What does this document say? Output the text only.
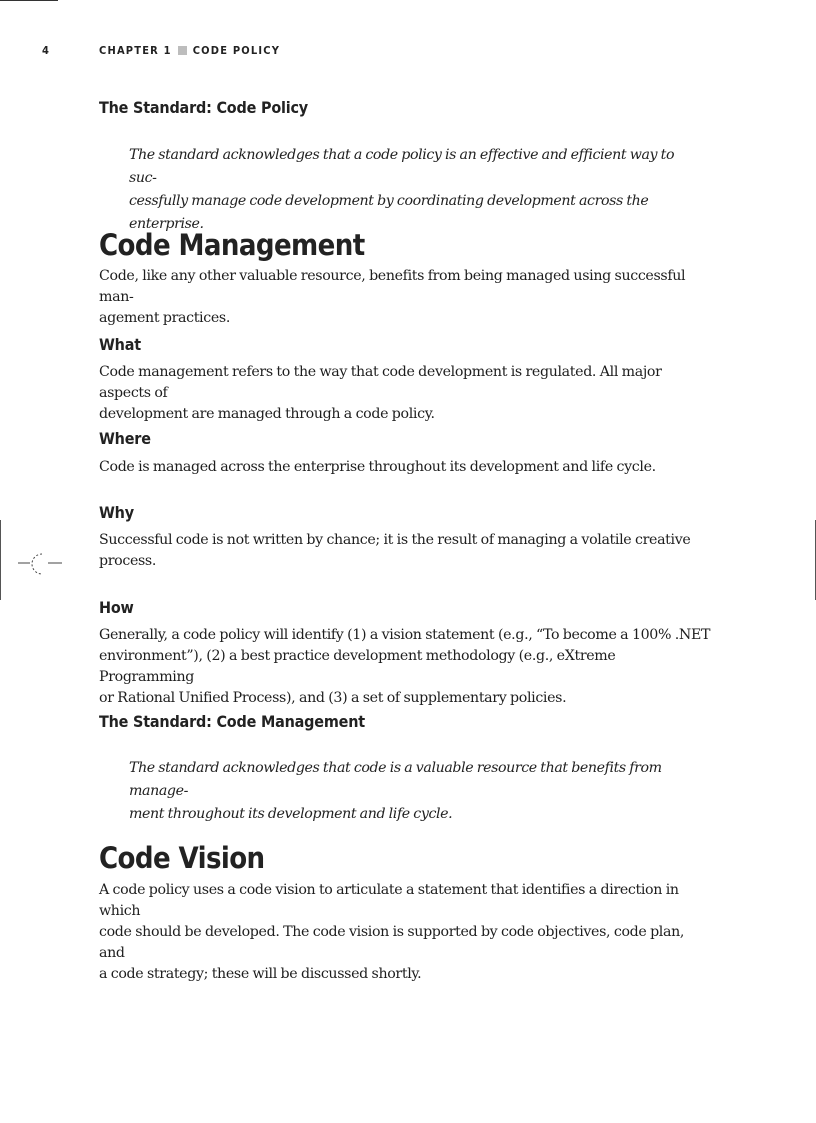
4	CHAPTER 1 CODE POLICY
The Standard: Code Policy
The standard acknowledges that a code policy is an effective and efficient way to suc-
cessfully manage code development by coordinating development across the enterprise.
Code Management
Code, like any other valuable resource, benefits from being managed using successful man-
agement practices.
What
Code management refers to the way that code development is regulated. All major aspects of
development are managed through a code policy.
Where
Code is managed across the enterprise throughout its development and life cycle.
Why
Successful code is not written by chance; it is the result of managing a volatile creative
process.
How
Generally, a code policy will identify (1) a vision statement (e.g., “To become a 100% .NET
environment”), (2) a best practice development methodology (e.g., eXtreme Programming
or Rational Unified Process), and (3) a set of supplementary policies.
The Standard: Code Management
The standard acknowledges that code is a valuable resource that benefits from manage-
ment throughout its development and life cycle.
Code Vision
A code policy uses a code vision to articulate a statement that identifies a direction in which
code should be developed. The code vision is supported by code objectives, code plan, and
a code strategy; these will be discussed shortly.
